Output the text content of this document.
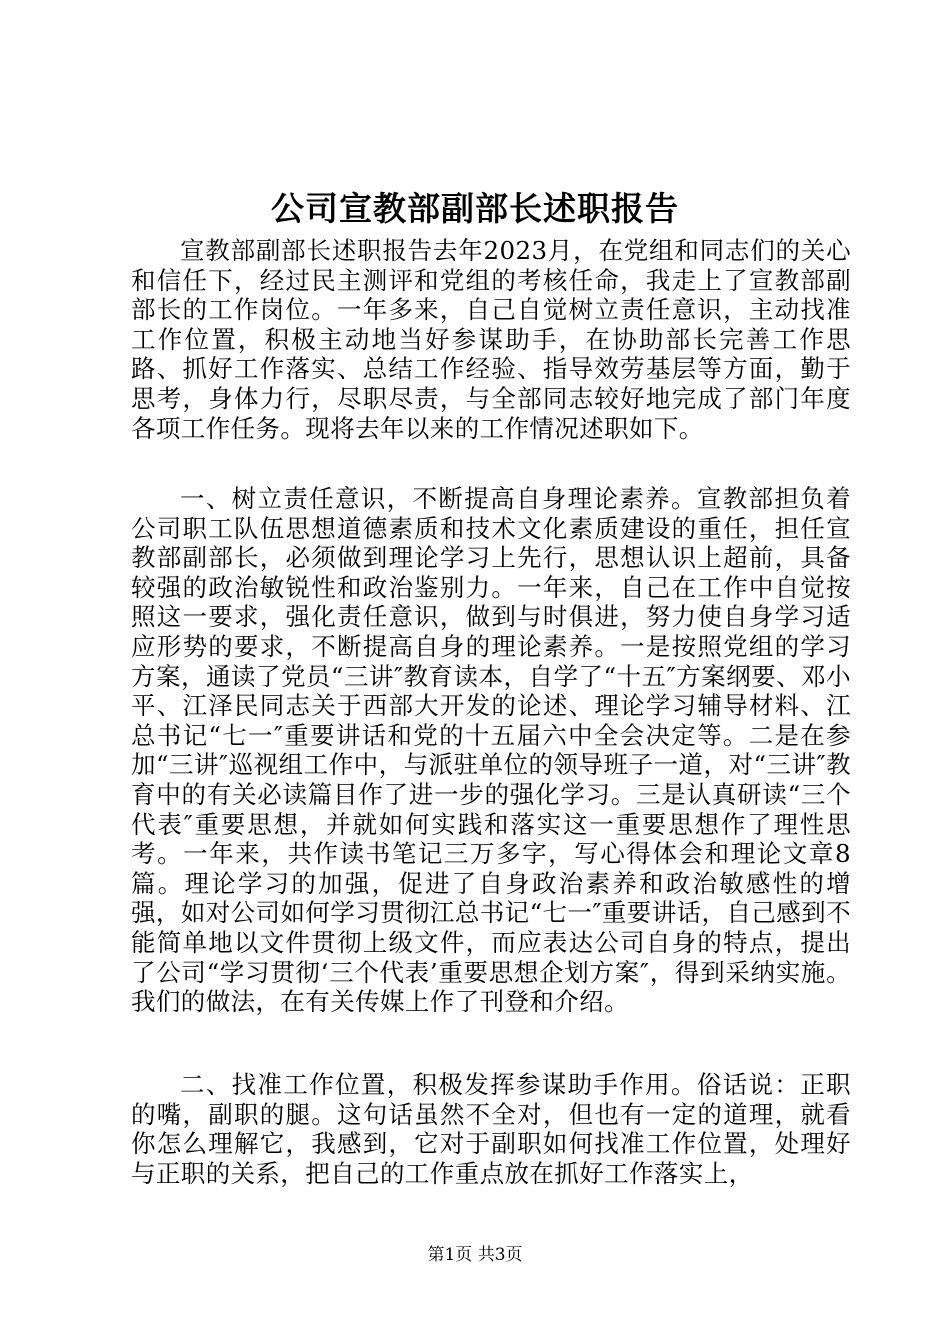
公司宣教部副部长述职报告

宣教部副部长述职报告去年2023月，在党组和同志们的关心和信任下，经过民主测评和党组的考核任命，我走上了宣教部副部长的工作岗位。一年多来，自己自觉树立责任意识，主动找准工作位置，积极主动地当好参谋助手，在协助部长完善工作思路、抓好工作落实、总结工作经验、指导效劳基层等方面，勤于思考，身体力行，尽职尽责，与全部同志较好地完成了部门年度各项工作任务。现将去年以来的工作情况述职如下。

一、树立责任意识，不断提高自身理论素养。宣教部担负着公司职工队伍思想道德素质和技术文化素质建设的重任，担任宣教部副部长，必须做到理论学习上先行，思想认识上超前，具备较强的政治敏锐性和政治鉴别力。一年来，自己在工作中自觉按照这一要求，强化责任意识，做到与时俱进，努力使自身学习适应形势的要求，不断提高自身的理论素养。一是按照党组的学习方案，通读了党员“三讲″教育读本，自学了“十五″方案纲要、邓小平、江泽民同志关于西部大开发的论述、理论学习辅导材料、江总书记“七一″重要讲话和党的十五届六中全会决定等。二是在参加“三讲″巡视组工作中，与派驻单位的领导班子一道，对“三讲″教育中的有关必读篇目作了进一步的强化学习。三是认真研读“三个代表″重要思想，并就如何实践和落实这一重要思想作了理性思考。一年来，共作读书笔记三万多字，写心得体会和理论文章8篇。理论学习的加强，促进了自身政治素养和政治敏感性的增强，如对公司如何学习贯彻江总书记“七一″重要讲话，自己感到不能简单地以文件贯彻上级文件，而应表达公司自身的特点，提出了公司“学习贯彻‘三个代表’重要思想企划方案″，得到采纳实施。我们的做法，在有关传媒上作了刊登和介绍。

二、找准工作位置，积极发挥参谋助手作用。俗话说：正职的嘴，副职的腿。这句话虽然不全对，但也有一定的道理，就看你怎么理解它，我感到，它对于副职如何找准工作位置，处理好与正职的关系，把自己的工作重点放在抓好工作落实上，

第1页 共3页
